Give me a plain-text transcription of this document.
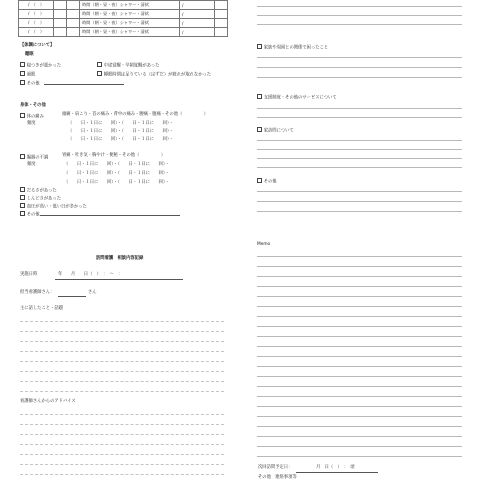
/　（　）			時間（朝・昼・夜）シャワー・清拭	/	
/　（　）			時間（朝・昼・夜）シャワー・清拭	/	
/　（　）			時間（朝・昼・夜）シャワー・清拭	/	
/　（　）			時間（朝・昼・夜）シャワー・清拭	/	
【体調について】
睡眠
寝つきが悪かった	中途覚醒・早朝覚醒があった
過眠	睡眠時間は足りている（はずだ）が疲れが取れなかった
その他
身体・その他
体の痛み
頭痛・肩こり・首の痛み・背中の痛み・腰痛・腹痛・その他（　　　　　）
頻度	（　　日・１日に　　回）・（　　日・１日に　　回）・
（　　日・１日に　　回）・（　　日・１日に　　回）・
（　　日・１日に　　回）・（　　日・１日に　　回）・
腸器の不調
胃痛・吐き気・胸やけ・便秘・その他（　　　　　）
頻度	（　　日・１日に　　回）・（　　日・１日に　　回）・
（　　日・１日に　　回）・（　　日・１日に　　回）・
（　　日・１日に　　回）・（　　日・１日に　　回）・
だるさがあった
しんどさがあった
血圧が高い・低い日が多かった
その他
訪問看護　相談内容記録
実施日時	年　　月　　日（　）　：　〜　：
担当看護師さん：	さん
主に話したこと・話題
看護師さんからのアドバイス
家族や周囲との関係で困ったこと
支援制度・その他のサービスについて
家訪問について
その他
Memo
次回訪問予定日：	月　日（　）　：　頃
その他　連絡事項等
